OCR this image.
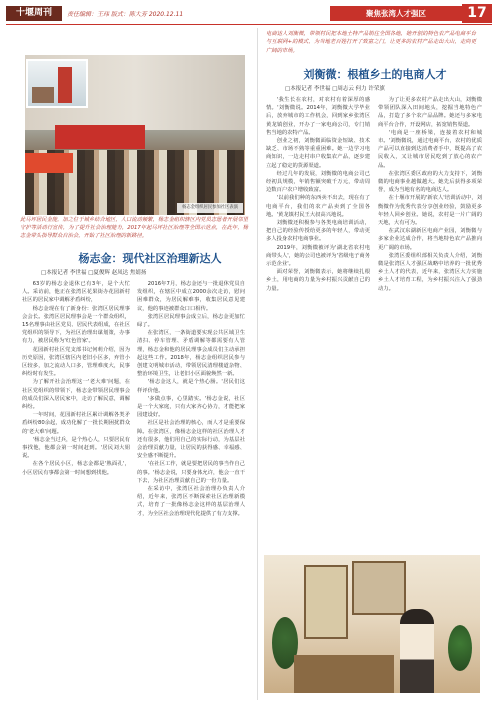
十堰周刊	责任编辑：王玮 版式：陈大芳 2020.12.11	聚焦张湾人才强区	17
杨志金组织居民参加社区表演
此马坪居民金能，加之位于城乡结合地区，人口流动频繁，杨志金组织辖区内党员志愿者开展邻里守护等活动行宣传，为了提升社会治理能力，2017年起马坪社区治理等全国示范点，在此年，杨志金带头指导群众自治会，开始了社区治理的新路径。
杨志金：现代社区治理新达人
□本报记者 李世福 □夏俊辉 赵凤达 焦婧扬

63岁的杨志金退休已有3年，是个大忙人。采访前，他正在张湾区花果街办花园新村社区的居民家中调解矛盾纠纷，

杨志金现在有了新身份：张湾区居民理事会会长。张湾区居民理事会是一个群众组织，15名理事由社区党员、居民代表组成，在社区党组织的领导下，为社区治理出谋划策，办事有力，被居民称为'红色管家'。

花园新村社区党支部书记何莉介绍，因为历史原因，张湾区辖区内老旧小区多，弃管小区较多，加之流动人口多，管理难度大，民事纠纷时有发生。

为了解开社会治理这一'老大难'问题，在社区党组织的带领下，杨志金带领居民理事会的成员们深入居民家中，走访了解民意，调解纠纷。

一年时间，花园新村社区累计调解各类矛盾纠纷80余起，成功化解了一批长期困扰群众的'老大难'问题。

'杨志金当过兵，是个热心人，只要居民有事找他，他都会第一时间赶到。'居民刘大姐说。

在各个居民小区，杨志金都是'熟面孔'，小区居民有事都会第一时间想到找他。

2016年7月，杨志金还与一批退休党员自发组织，在辖区中成立2000余次走访，慰问困难群众，为居民解难事，收集居民意见建议，他的事迹被群众口口相传。

张湾区居民理事会成立后，杨志金更加忙碌了。

在张湾区，一条街道要实现公共区域卫生清扫、停车管理、矛盾调解等都需要有人管理，杨志金和他的居民理事会成员们主动承担起这些工作。2018年，杨志金组织居民参与创建文明城市活动，带领居民清理楼道杂物、整治环境卫生，让老旧小区面貌焕然一新。

'杨志金这人，就是个热心肠。'居民们这样评价他。

'多做点事，心里踏实。'杨志金说，社区是一个大家庭，只有大家齐心协力，才能把家园建设好。

社区是社会治理的核心，而人才是重要保障。在张湾区，像杨志金这样的社区治理人才还有很多，他们用自己的实际行动，为基层社会治理贡献力量，让居民的获得感、幸福感、安全感不断提升。

'在社区工作，就是要把居民的事当作自己的事。'杨志金说，只要身体允许，他会一直干下去，为社区治理贡献自己的一份力量。

在采访中，张湾区社会治理办负责人介绍，近年来，张湾区不断探索社区治理新模式，培育了一批像杨志金这样的基层治理人才，为全区社会治理现代化提供了有力支撑。

电商达人刘衡微，带领村民把本地土特产品销往全国各地，她开创的特色农产品电商平台与互联网+的模式，为当地老百姓打开了致富之门，让更多的农村产品走出大山，走向更广阔的市场。
刘衡微：根植乡土的电商人才
□本报记者 李世福 □周志云 何力 许荣旗

'我生长在农村，对农村有着深厚的感情。'刘衡微说。2014年，刘衡微大学毕业后，放弃城市的工作机会，回到家乡张湾区黄龙镇创业，开办了一家电商公司，专门销售当地的农特产品。

创业之初，刘衡微面临资金短缺、技术缺乏、市场不熟等重重困难。她一边学习电商知识，一边走村串户收集农产品，逐步建立起了稳定的货源渠道。

经过几年的发展，刘衡微的电商公司已经初具规模，年销售额突破千万元，带动周边数百户农户增收致富。

'以前我们种的东西卖不出去，现在有了电商平台，我们的农产品卖到了全国各地。'黄龙镇村民王大叔高兴地说。

刘衡微还积极参与各类电商培训活动，把自己的经验传授给更多的年轻人，带动更多人投身农村电商事业。

2019年，刘衡微被评为'湖北省农村电商带头人'，她的公司也被评为'省级电子商务示范企业'。

面对荣誉，刘衡微表示，她将继续扎根乡土，用电商的力量为乡村振兴贡献自己的力量。

为了让更多农村产品走出大山，刘衡微带领团队深入田间地头，挖掘当地特色产品，打造了多个农产品品牌。她还与多家电商平台合作，开设网店，拓宽销售渠道。

'电商是一座桥梁，连接着农村和城市。'刘衡微说，通过电商平台，农村的优质产品可以直接到达消费者手中，既提高了农民收入，又让城市居民吃到了放心的农产品。

在张湾区委区政府的大力支持下，刘衡微的电商事业越做越大。她先后获得多项荣誉，成为当地有名的电商达人。

在十堰市开展的'新农人'培训活动中，刘衡微作为优秀代表分享创业经验，鼓励更多年轻人回乡创业。她说，农村是一片广阔的天地，大有可为。

在武汉东湖新区电商产业园，刘衡微与多家企业达成合作，将当地特色农产品推向更广阔的市场。

张湾区委组织部相关负责人介绍，刘衡微是张湾区人才强区战略中培养的一批优秀乡土人才的代表，近年来，张湾区大力实施乡土人才培育工程，为乡村振兴注入了强劲动力。
